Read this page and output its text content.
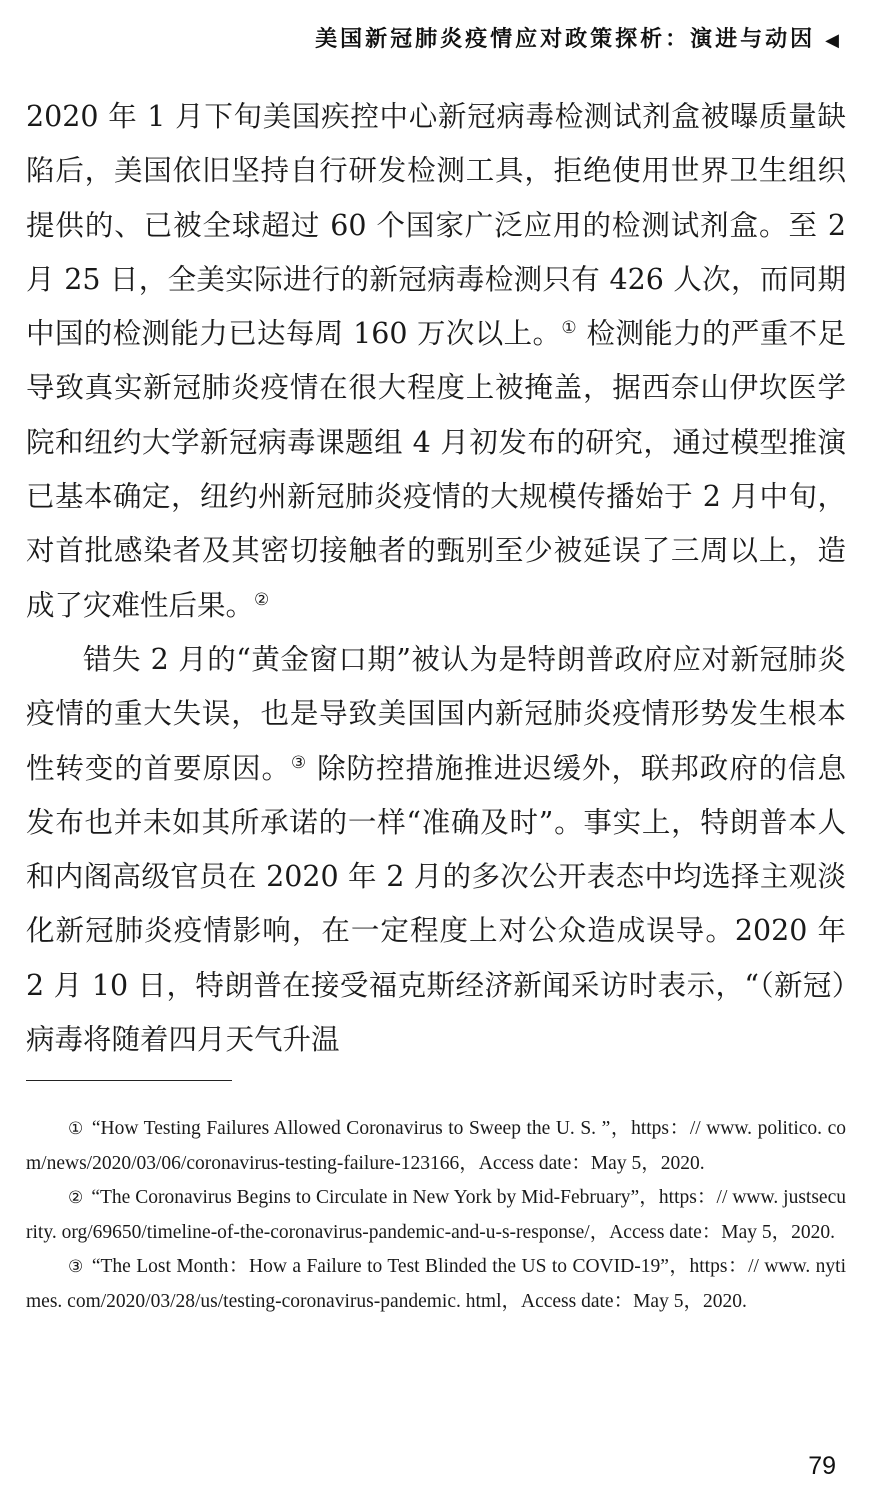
美国新冠肺炎疫情应对政策探析：演进与动因 ◀

2020 年 1 月下旬美国疾控中心新冠病毒检测试剂盒被曝质量缺陷后，美国依旧坚持自行研发检测工具，拒绝使用世界卫生组织提供的、已被全球超过 60 个国家广泛应用的检测试剂盒。至 2 月 25 日，全美实际进行的新冠病毒检测只有 426 人次，而同期中国的检测能力已达每周 160 万次以上。① 检测能力的严重不足导致真实新冠肺炎疫情在很大程度上被掩盖，据西奈山伊坎医学院和纽约大学新冠病毒课题组 4 月初发布的研究，通过模型推演已基本确定，纽约州新冠肺炎疫情的大规模传播始于 2 月中旬，对首批感染者及其密切接触者的甄别至少被延误了三周以上，造成了灾难性后果。②

错失 2 月的“黄金窗口期”被认为是特朗普政府应对新冠肺炎疫情的重大失误，也是导致美国国内新冠肺炎疫情形势发生根本性转变的首要原因。③ 除防控措施推进迟缓外，联邦政府的信息发布也并未如其所承诺的一样“准确及时”。事实上，特朗普本人和内阁高级官员在 2020 年 2 月的多次公开表态中均选择主观淡化新冠肺炎疫情影响，在一定程度上对公众造成误导。2020 年 2 月 10 日，特朗普在接受福克斯经济新闻采访时表示，“（新冠）病毒将随着四月天气升温

① “How Testing Failures Allowed Coronavirus to Sweep the U. S. ”，https：// www. politico. com/news/2020/03/06/coronavirus-testing-failure-123166，Access date：May 5，2020.

② “The Coronavirus Begins to Circulate in New York by Mid-February”，https：// www. justsecurity. org/69650/timeline-of-the-coronavirus-pandemic-and-u-s-response/，Access date：May 5，2020.

③ “The Lost Month：How a Failure to Test Blinded the US to COVID-19”，https：// www. nytimes. com/2020/03/28/us/testing-coronavirus-pandemic. html，Access date：May 5，2020.

79
